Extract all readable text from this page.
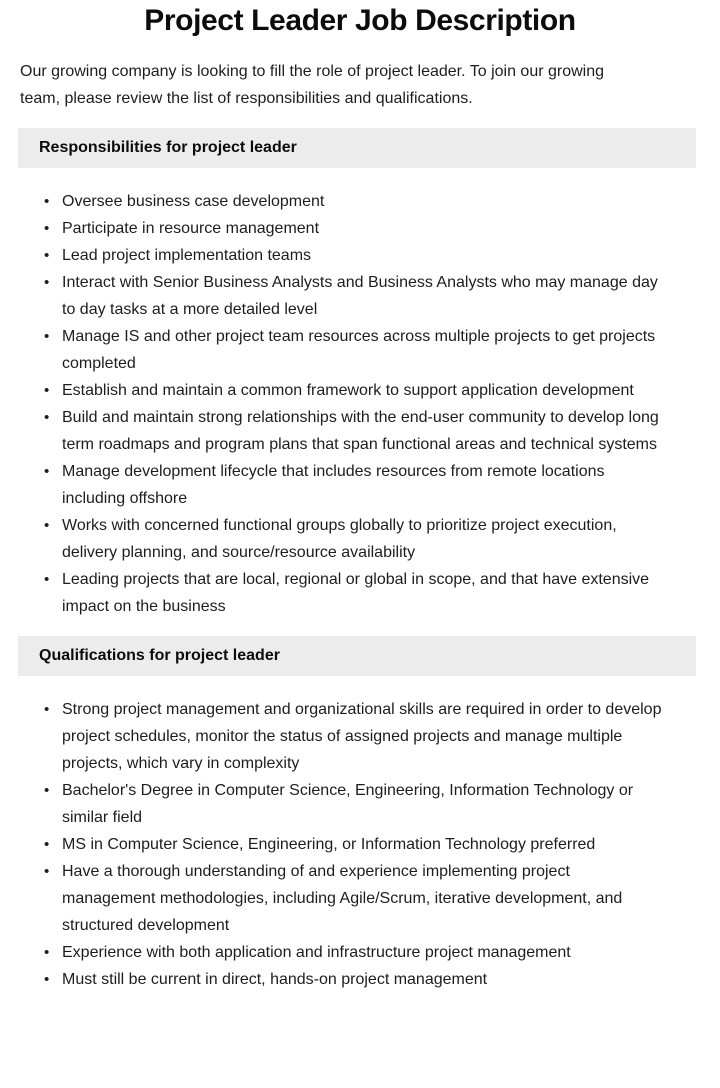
Project Leader Job Description

Our growing company is looking to fill the role of project leader. To join our growing team, please review the list of responsibilities and qualifications.

Responsibilities for project leader
• Oversee business case development
• Participate in resource management
• Lead project implementation teams
• Interact with Senior Business Analysts and Business Analysts who may manage day to day tasks at a more detailed level
• Manage IS and other project team resources across multiple projects to get projects completed
• Establish and maintain a common framework to support application development
• Build and maintain strong relationships with the end-user community to develop long term roadmaps and program plans that span functional areas and technical systems
• Manage development lifecycle that includes resources from remote locations including offshore
• Works with concerned functional groups globally to prioritize project execution, delivery planning, and source/resource availability
• Leading projects that are local, regional or global in scope, and that have extensive impact on the business
Qualifications for project leader
• Strong project management and organizational skills are required in order to develop project schedules, monitor the status of assigned projects and manage multiple projects, which vary in complexity
• Bachelor's Degree in Computer Science, Engineering, Information Technology or similar field
• MS in Computer Science, Engineering, or Information Technology preferred
• Have a thorough understanding of and experience implementing project management methodologies, including Agile/Scrum, iterative development, and structured development
• Experience with both application and infrastructure project management
• Must still be current in direct, hands-on project management
